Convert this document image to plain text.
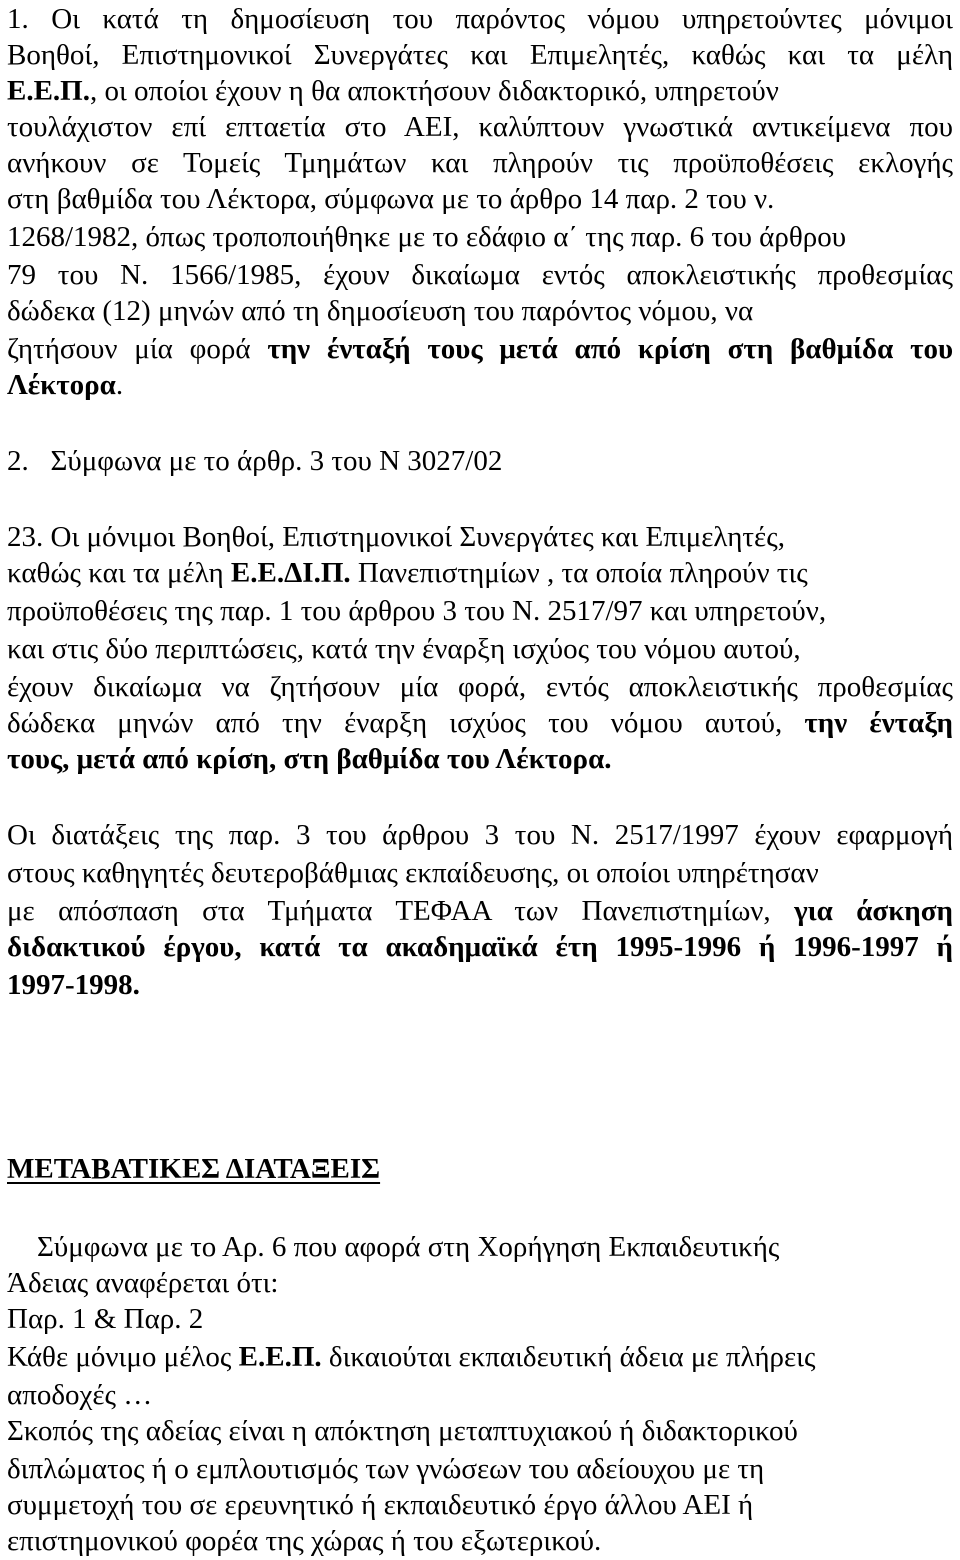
1. Οι κατά τη δημοσίευση του παρόντος νόμου υπηρετούντες μόνιμοι
Βοηθοί, Επιστημονικοί Συνεργάτες και Επιμελητές, καθώς και τα μέλη
Ε.Ε.Π., οι οποίοι έχουν η θα αποκτήσουν διδακτορικό, υπηρετούν
τουλάχιστον επί επταετία στο ΑΕΙ, καλύπτουν γνωστικά αντικείμενα που
ανήκουν σε Τομείς Τμημάτων και πληρούν τις προϋποθέσεις εκλογής
στη βαθμίδα του Λέκτορα, σύμφωνα με το άρθρο 14 παρ. 2 του ν.
1268/1982, όπως τροποποιήθηκε με το εδάφιο α΄ της παρ. 6 του άρθρου
79 του Ν. 1566/1985, έχουν δικαίωμα εντός αποκλειστικής προθεσμίας
δώδεκα (12) μηνών από τη δημοσίευση του παρόντος νόμου, να
ζητήσουν μία φορά την ένταξή τους μετά από κρίση στη βαθμίδα του
Λέκτορα.
2.   Σύμφωνα με το άρθρ. 3 του Ν 3027/02
23. Οι μόνιμοι Βοηθοί, Επιστημονικοί Συνεργάτες και Επιμελητές,
καθώς και τα μέλη Ε.Ε.ΔΙ.Π. Πανεπιστημίων , τα οποία πληρούν τις
προϋποθέσεις της παρ. 1 του άρθρου 3 του Ν. 2517/97 και υπηρετούν,
και στις δύο περιπτώσεις, κατά την έναρξη ισχύος του νόμου αυτού,
έχουν δικαίωμα να ζητήσουν μία φορά, εντός αποκλειστικής προθεσμίας
δώδεκα μηνών από την έναρξη ισχύος του νόμου αυτού, την ένταξη
τους, μετά από κρίση, στη βαθμίδα του Λέκτορα.
Οι διατάξεις της παρ. 3 του άρθρου 3 του Ν. 2517/1997 έχουν εφαρμογή
στους καθηγητές δευτεροβάθμιας εκπαίδευσης, οι οποίοι υπηρέτησαν
με απόσπαση στα Τμήματα ΤΕΦΑΑ των Πανεπιστημίων, για άσκηση
διδακτικού έργου, κατά τα ακαδημαϊκά έτη 1995-1996 ή 1996-1997 ή
1997-1998.
ΜΕΤΑΒΑΤΙΚΕΣ ΔΙΑΤΑΞΕΙΣ
Σύμφωνα με το Αρ. 6 που αφορά στη Χορήγηση Εκπαιδευτικής
Άδειας αναφέρεται ότι:
Παρ. 1 & Παρ. 2
Κάθε μόνιμο μέλος Ε.Ε.Π. δικαιούται εκπαιδευτική άδεια με πλήρεις
αποδοχές …
Σκοπός της αδείας είναι η απόκτηση μεταπτυχιακού ή διδακτορικού
διπλώματος ή ο εμπλουτισμός των γνώσεων του αδείουχου με τη
συμμετοχή του σε ερευνητικό ή εκπαιδευτικό έργο άλλου ΑΕΙ ή
επιστημονικού φορέα της χώρας ή του εξωτερικού.
